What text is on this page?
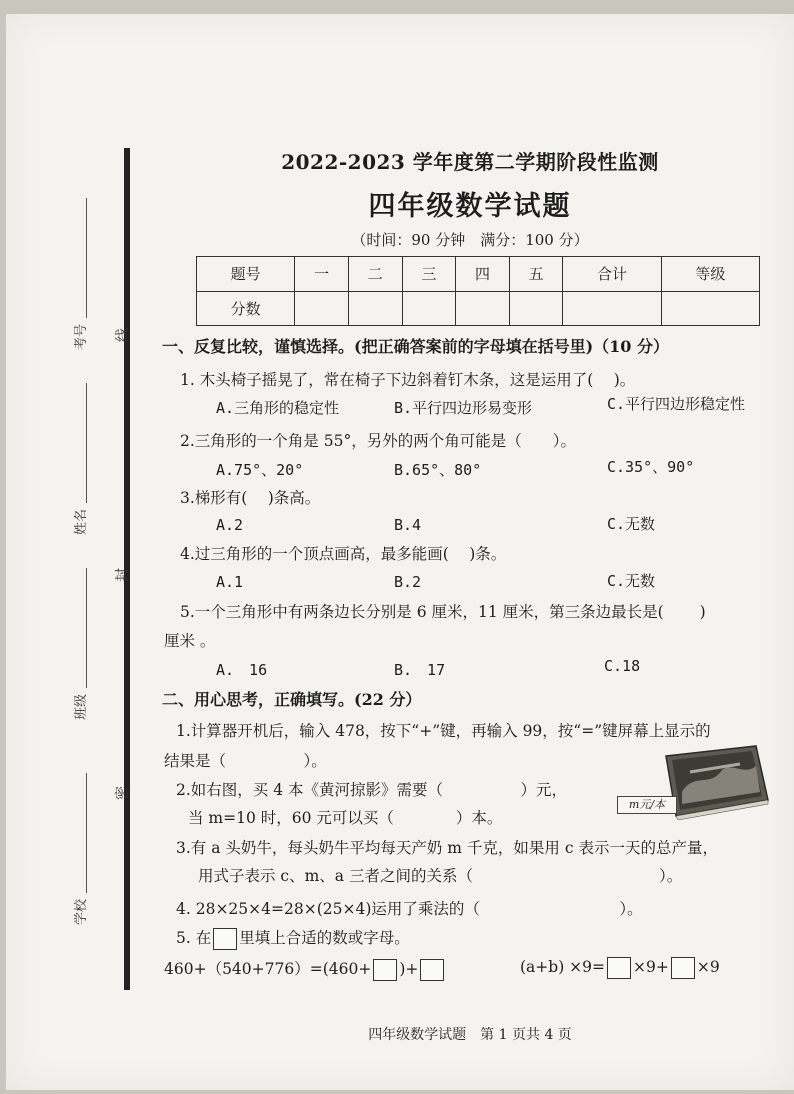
线
封
密
考号
姓名
班级
学校
2022-2023 学年度第二学期阶段性监测
四年级数学试题
（时间：90 分钟　满分：100 分）
题号	一	二	三	四	五	合计	等级
分数							
一、反复比较，谨慎选择。(把正确答案前的字母填在括号里)（10 分）
1. 木头椅子摇晃了，常在椅子下边斜着钉木条，这是运用了(　 )。
A.三角形的稳定性	B.平行四边形易变形	C.平行四边形稳定性
2.三角形的一个角是 55°，另外的两个角可能是（　　）。
A.75°、20°	B.65°、80°	C.35°、90°
3.梯形有(　 )条高。
A.2	B.4	C.无数
4.过三角形的一个顶点画高，最多能画(　 )条。
A.1	B.2	C.无数
5.一个三角形中有两条边长分别是 6 厘米，11 厘米，第三条边最长是(　　 )
厘米 。
A.　16	B.　17	C.18
二、用心思考，正确填写。(22 分）
1.计算器开机后，输入 478，按下“+”键，再输入 99，按“=”键屏幕上显示的
结果是（　　　　　）。
2.如右图，买 4 本《黄河掠影》需要（　　　　　）元，
当 m=10 时，60 元可以买（　　　　）本。
m元/本
3.有 a 头奶牛，每头奶牛平均每天产奶 m 千克，如果用 c 表示一天的总产量，
用式子表示 c、m、a 三者之间的关系（　　　　　　　　　　　　）。
4. 28×25×4=28×(25×4)运用了乘法的（　　　　　　　　　）。
5. 在 里填上合适的数或字母。
460+（540+776）=(460+ )+	(a+b) ×9= ×9+ ×9
四年级数学试题　第 1 页共 4 页
